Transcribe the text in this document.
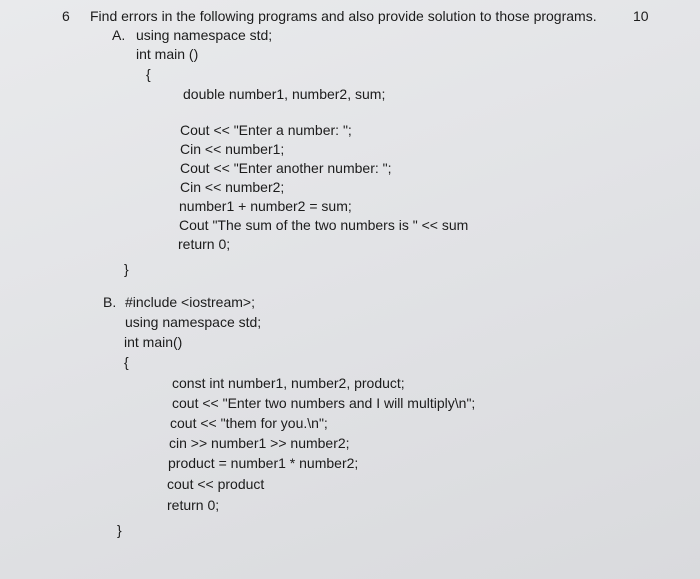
6 Find errors in the following programs and also provide solution to those programs.	10
A. using namespace std;
int main ()
{
double number1, number2, sum;
Cout << "Enter a number: ";
Cin << number1;
Cout << "Enter another number: ";
Cin << number2;
number1 + number2 = sum;
Cout "The sum of the two numbers is " << sum
return 0;
}
B. #include <iostream>;
using namespace std;
int main()
{
const int number1, number2, product;
cout << "Enter two numbers and I will multiply\n";
cout << "them for you.\n";
cin >> number1 >> number2;
product = number1 * number2;
cout << product
return 0;
}
